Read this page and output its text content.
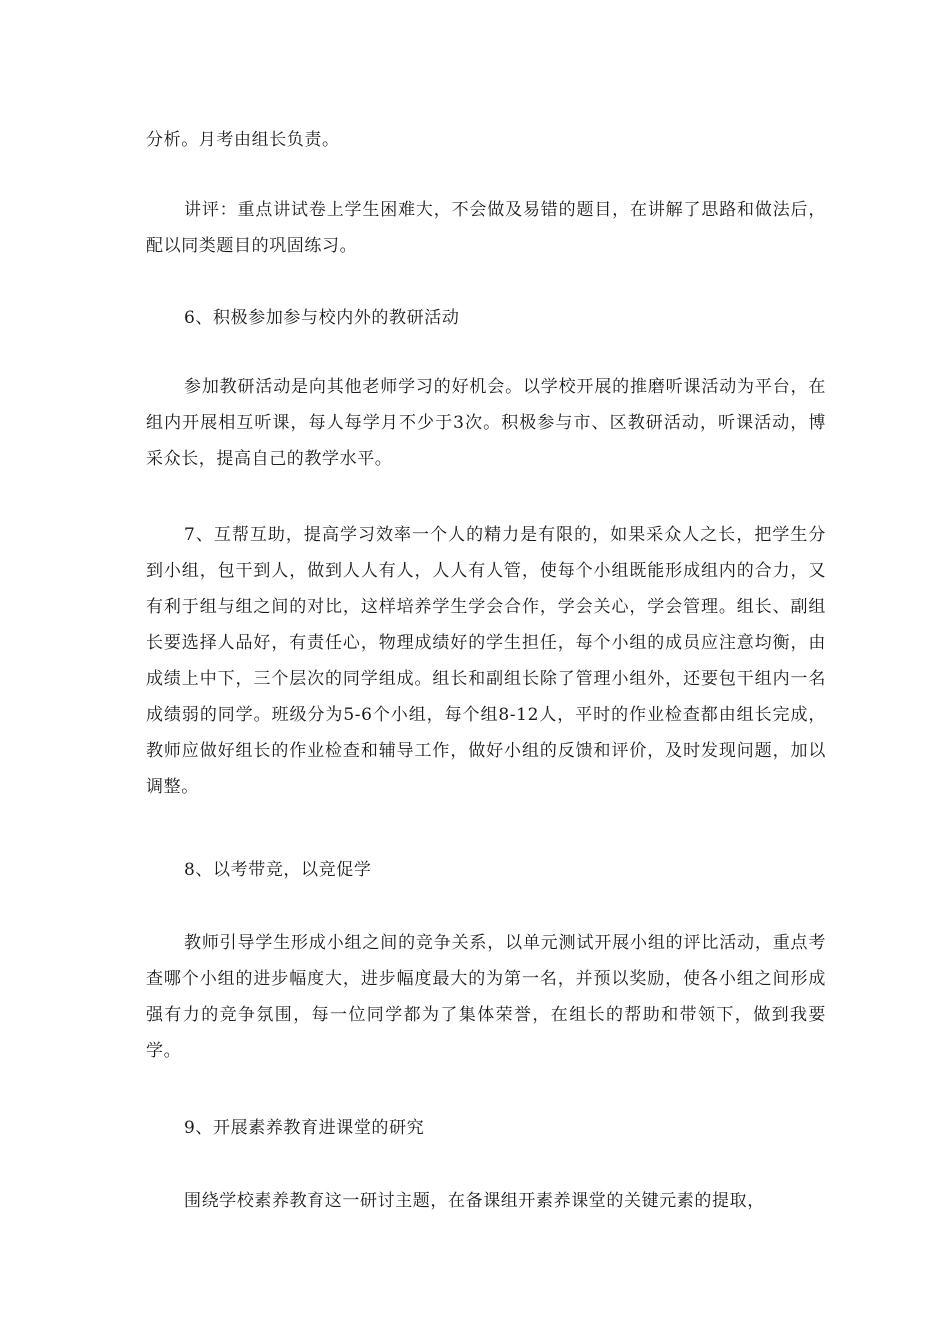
分析。月考由组长负责。

讲评：重点讲试卷上学生困难大，不会做及易错的题目，在讲解了思路和做法后，配以同类题目的巩固练习。

6、积极参加参与校内外的教研活动

参加教研活动是向其他老师学习的好机会。以学校开展的推磨听课活动为平台，在组内开展相互听课，每人每学月不少于3次。积极参与市、区教研活动，听课活动，博采众长，提高自己的教学水平。

7、互帮互助，提高学习效率一个人的精力是有限的，如果采众人之长，把学生分到小组，包干到人，做到人人有人，人人有人管，使每个小组既能形成组内的合力，又有利于组与组之间的对比，这样培养学生学会合作，学会关心，学会管理。组长、副组长要选择人品好，有责任心，物理成绩好的学生担任，每个小组的成员应注意均衡，由成绩上中下，三个层次的同学组成。组长和副组长除了管理小组外，还要包干组内一名成绩弱的同学。班级分为5-6个小组，每个组8-12人，平时的作业检查都由组长完成，教师应做好组长的作业检查和辅导工作，做好小组的反馈和评价，及时发现问题，加以调整。

8、以考带竞，以竞促学

教师引导学生形成小组之间的竞争关系，以单元测试开展小组的评比活动，重点考查哪个小组的进步幅度大，进步幅度最大的为第一名，并预以奖励，使各小组之间形成强有力的竞争氛围，每一位同学都为了集体荣誉，在组长的帮助和带领下，做到我要学。

9、开展素养教育进课堂的研究

围绕学校素养教育这一研讨主题，在备课组开素养课堂的关键元素的提取，
